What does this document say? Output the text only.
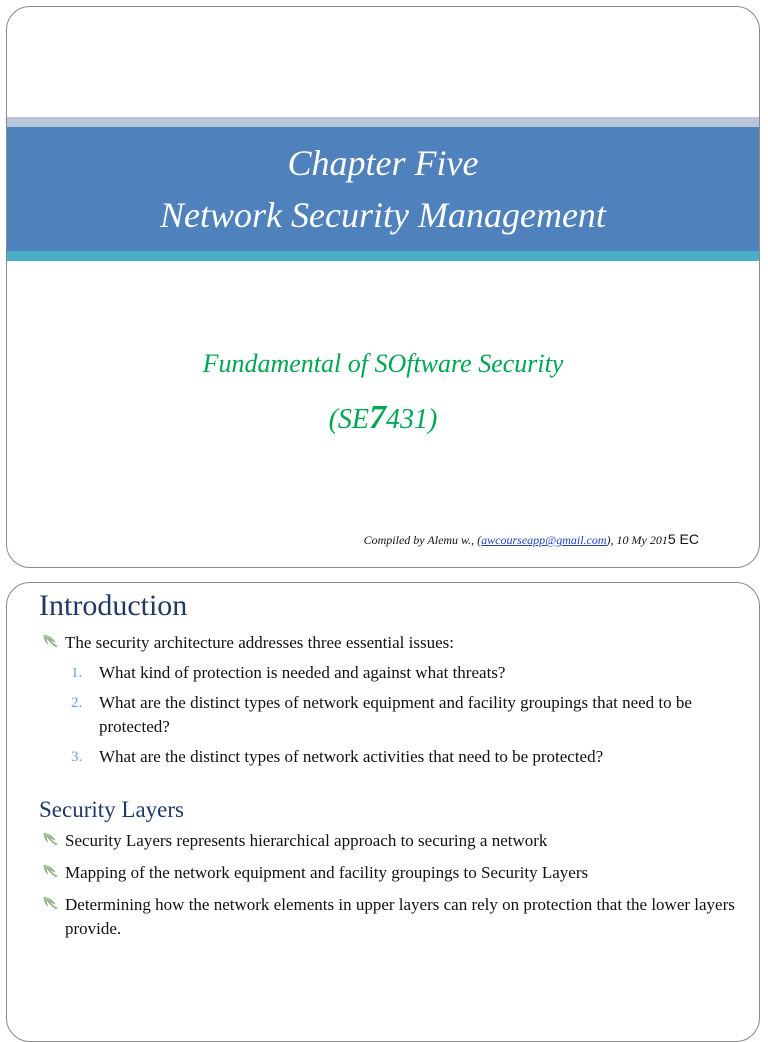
Chapter Five
Network Security Management

Fundamental of SOftware Security

(SE7431)

Compiled by Alemu w., (awcourseapp@gmail.com), 10 My 2015 EC
Introduction
The security architecture addresses three essential issues:
1. What kind of protection is needed and against what threats?
2. What are the distinct types of network equipment and facility groupings that need to be protected?
3. What are the distinct types of network activities that need to be protected?
Security Layers
Security Layers represents hierarchical approach to securing a network
Mapping of the network equipment and facility groupings to Security Layers
Determining how the network elements in upper layers can rely on protection that the lower layers provide.
